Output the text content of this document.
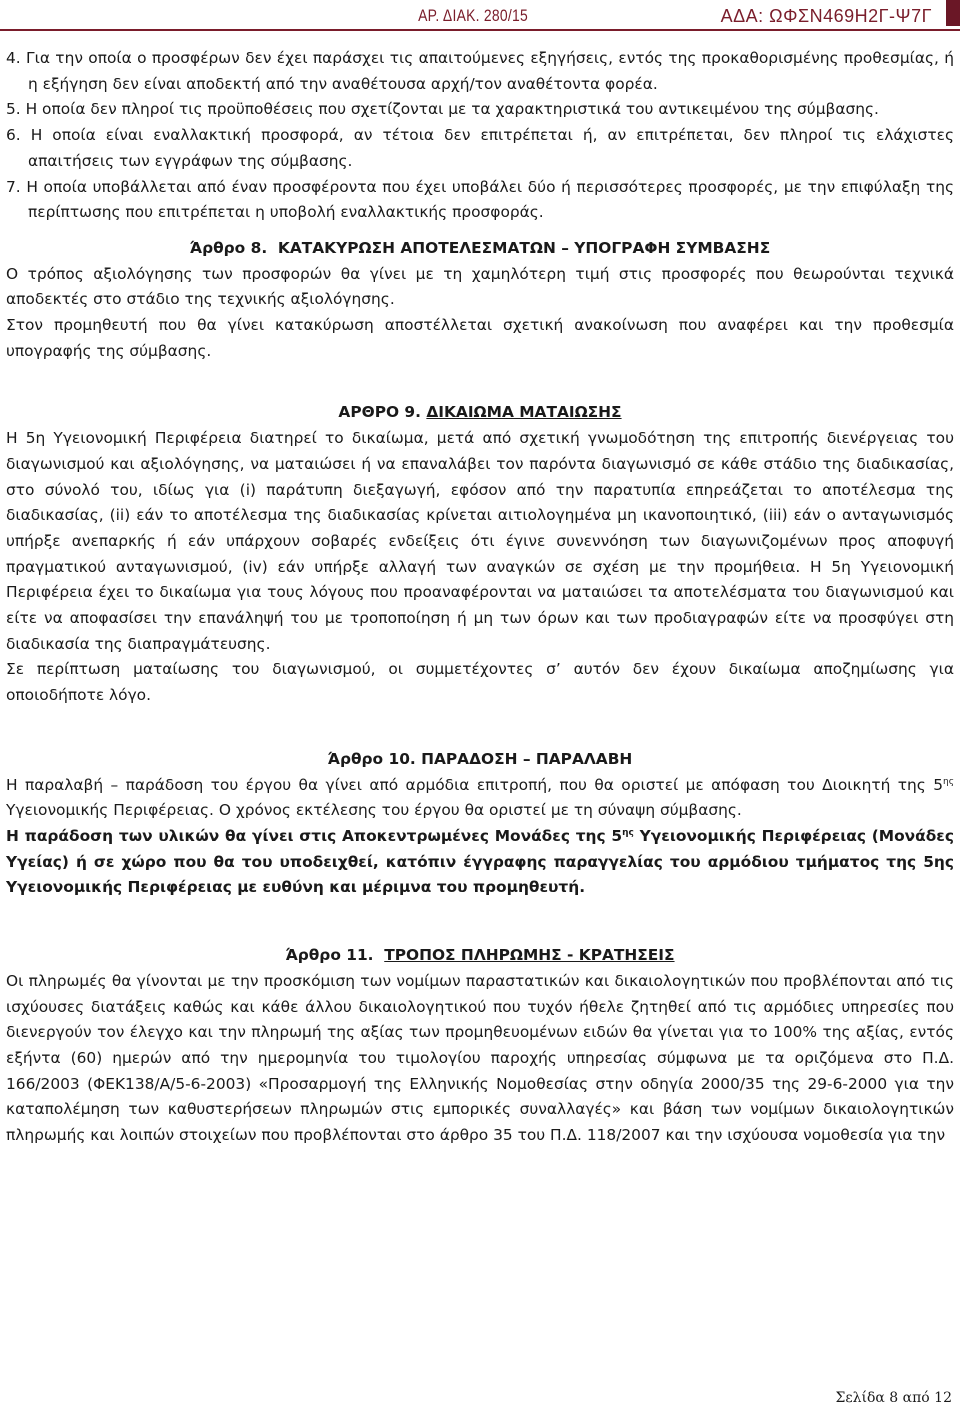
ΑΡ. ΔΙΑΚ. 280/15	ΑΔΑ: ΩΦΣΝ469Η2Γ-Ψ7Γ

4. Για την οποία ο προσφέρων δεν έχει παράσχει τις απαιτούμενες εξηγήσεις, εντός της προκαθορισμένης προθεσμίας, ή η εξήγηση δεν είναι αποδεκτή από την αναθέτουσα αρχή/τον αναθέτοντα φορέα.

5. Η οποία δεν πληροί τις προϋποθέσεις που σχετίζονται με τα χαρακτηριστικά του αντικειμένου της σύμβασης.

6. Η οποία είναι εναλλακτική προσφορά, αν τέτοια δεν επιτρέπεται ή, αν επιτρέπεται, δεν πληροί τις ελάχιστες απαιτήσεις των εγγράφων της σύμβασης.

7. Η οποία υποβάλλεται από έναν προσφέροντα που έχει υποβάλει δύο ή περισσότερες προσφορές, με την επιφύλαξη της περίπτωσης που επιτρέπεται η υποβολή εναλλακτικής προσφοράς.

Άρθρο 8. ΚΑΤΑΚΥΡΩΣΗ ΑΠΟΤΕΛΕΣΜΑΤΩΝ – ΥΠΟΓΡΑΦΗ ΣΥΜΒΑΣΗΣ

Ο τρόπος αξιολόγησης των προσφορών θα γίνει με τη χαμηλότερη τιμή στις προσφορές που θεωρούνται τεχνικά αποδεκτές στο στάδιο της τεχνικής αξιολόγησης.

Στον προμηθευτή που θα γίνει κατακύρωση αποστέλλεται σχετική ανακοίνωση που αναφέρει και την προθεσμία υπογραφής της σύμβασης.

ΑΡΘΡΟ 9. ΔΙΚΑΙΩΜΑ ΜΑΤΑΙΩΣΗΣ

Η 5η Υγειονομική Περιφέρεια διατηρεί το δικαίωμα, μετά από σχετική γνωμοδότηση της επιτροπής διενέργειας του διαγωνισμού και αξιολόγησης, να ματαιώσει ή να επαναλάβει τον παρόντα διαγωνισμό σε κάθε στάδιο της διαδικασίας, στο σύνολό του, ιδίως για (i) παράτυπη διεξαγωγή, εφόσον από την παρατυπία επηρεάζεται το αποτέλεσμα της διαδικασίας, (ii) εάν το αποτέλεσμα της διαδικασίας κρίνεται αιτιολογημένα μη ικανοποιητικό, (iii) εάν ο ανταγωνισμός υπήρξε ανεπαρκής ή εάν υπάρχουν σοβαρές ενδείξεις ότι έγινε συνεννόηση των διαγωνιζομένων προς αποφυγή πραγματικού ανταγωνισμού, (iv) εάν υπήρξε αλλαγή των αναγκών σε σχέση με την προμήθεια. Η 5η Υγειονομική Περιφέρεια έχει το δικαίωμα για τους λόγους που προαναφέρονται να ματαιώσει τα αποτελέσματα του διαγωνισμού και είτε να αποφασίσει την επανάληψή του με τροποποίηση ή μη των όρων και των προδιαγραφών είτε να προσφύγει στη διαδικασία της διαπραγμάτευσης.

Σε περίπτωση ματαίωσης του διαγωνισμού, οι συμμετέχοντες σ’ αυτόν δεν έχουν δικαίωμα αποζημίωσης για οποιοδήποτε λόγο.

Άρθρο 10. ΠΑΡΑΔΟΣΗ – ΠΑΡΑΛΑΒΗ

Η παραλαβή – παράδοση του έργου θα γίνει από αρμόδια επιτροπή, που θα οριστεί με απόφαση του Διοικητή της $5^{\eta\varsigma}$ Υγειονομικής Περιφέρειας. Ο χρόνος εκτέλεσης του έργου θα οριστεί με τη σύναψη σύμβασης.

Η παράδοση των υλικών θα γίνει στις Αποκεντρωμένες Μονάδες της $5^{\eta\varsigma}$ Υγειονομικής Περιφέρειας (Μονάδες Υγείας) ή σε χώρο που θα του υποδειχθεί, κατόπιν έγγραφης παραγγελίας του αρμόδιου τμήματος της 5ης Υγειονομικής Περιφέρειας με ευθύνη και μέριμνα του προμηθευτή.

Άρθρο 11. ΤΡΟΠΟΣ ΠΛΗΡΩΜΗΣ - ΚΡΑΤΗΣΕΙΣ

Οι πληρωμές θα γίνονται με την προσκόμιση των νομίμων παραστατικών και δικαιολογητικών που προβλέπονται από τις ισχύουσες διατάξεις καθώς και κάθε άλλου δικαιολογητικού που τυχόν ήθελε ζητηθεί από τις αρμόδιες υπηρεσίες που διενεργούν τον έλεγχο και την πληρωμή της αξίας των προμηθευομένων ειδών θα γίνεται για το 100% της αξίας, εντός εξήντα (60) ημερών από την ημερομηνία του τιμολογίου παροχής υπηρεσίας σύμφωνα με τα οριζόμενα στο Π.Δ. 166/2003 (ΦΕΚ138/Α/5-6-2003) «Προσαρμογή της Ελληνικής Νομοθεσίας στην οδηγία 2000/35 της 29-6-2000 για την καταπολέμηση των καθυστερήσεων πληρωμών στις εμπορικές συναλλαγές» και βάση των νομίμων δικαιολογητικών πληρωμής και λοιπών στοιχείων που προβλέπονται στο άρθρο 35 του Π.Δ. 118/2007 και την ισχύουσα νομοθεσία για την

Σελίδα 8 από 12
